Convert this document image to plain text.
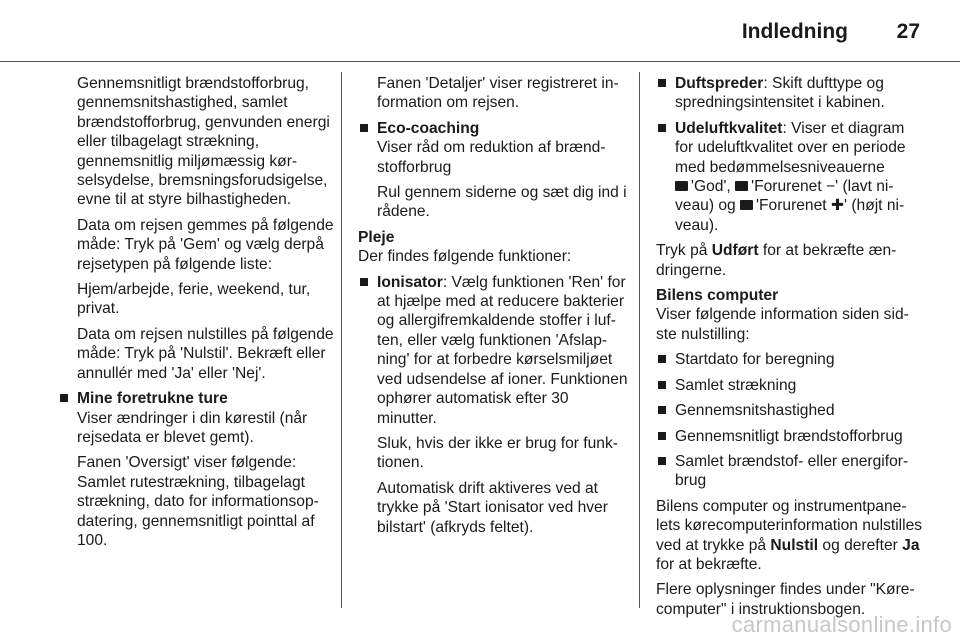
Indledning 27

Gennemsnitligt brændstofforbrug, gennemsnitshastighed, samlet brændstofforbrug, genvunden energi eller tilbagelagt strækning, gennemsnitlig miljømæssig kørselsydelse, bremsningsforudsigelse, evne til at styre bilhastigheden.

Data om rejsen gemmes på følgende måde: Tryk på 'Gem' og vælg derpå rejsetypen på følgende liste:

Hjem/arbejde, ferie, weekend, tur, privat.

Data om rejsen nulstilles på følgende måde: Tryk på 'Nulstil'. Bekræft eller annullér med 'Ja' eller 'Nej'.

Mine foretrukne ture

Viser ændringer i din kørestil (når rejsedata er blevet gemt).

Fanen 'Oversigt' viser følgende: Samlet rutestrækning, tilbagelagt strækning, dato for informationsopdatering, gennemsnitligt pointtal af 100.

Fanen 'Detaljer' viser registreret information om rejsen.

Eco-coaching

Viser råd om reduktion af brændstofforbrug

Rul gennem siderne og sæt dig ind i rådene.

Pleje

Der findes følgende funktioner:

Ionisator: Vælg funktionen 'Ren' for at hjælpe med at reducere bakterier og allergifremkaldende stoffer i luften, eller vælg funktionen 'Afslapning' for at forbedre kørselsmiljøet ved udsendelse af ioner. Funktionen ophører automatisk efter 30 minutter.

Sluk, hvis der ikke er brug for funktionen.

Automatisk drift aktiveres ved at trykke på 'Start ionisator ved hver bilstart' (afkryds feltet).

Duftspreder: Skift dufttype og spredningsintensitet i kabinen.
Udeluftkvalitet: Viser et diagram for udeluftkvalitet over en periode med bedømmelsesniveauerne
'God', 'Forurenet −' (lavt niveau) og 'Forurenet ✚' (højt niveau).

Tryk på Udført for at bekræfte ændringerne.

Bilens computer

Viser følgende information siden sidste nulstilling:

Startdato for beregning
Samlet strækning
Gennemsnitshastighed
Gennemsnitligt brændstofforbrug
Samlet brændstof- eller energiforbrug

Bilens computer og instrumentpanelets kørecomputerinformation nulstilles ved at trykke på Nulstil og derefter Ja for at bekræfte.

Flere oplysninger findes under "Kørecomputer" i instruktionsbogen.

carmanualsonline.info
